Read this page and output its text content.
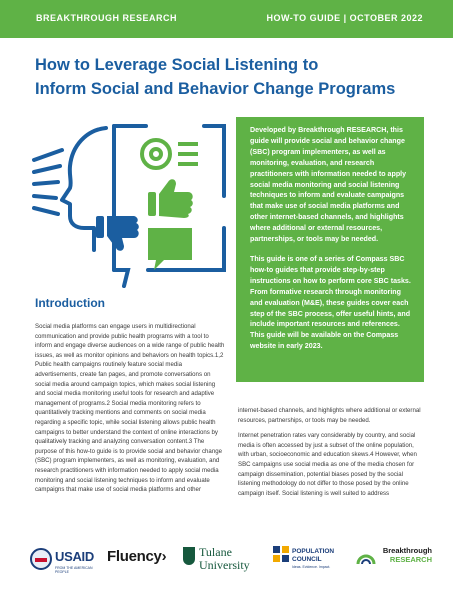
BREAKTHROUGH RESEARCH	HOW-TO GUIDE | OCTOBER 2022
How to Leverage Social Listening to
Inform Social and Behavior Change Programs

Developed by Breakthrough RESEARCH, this guide will provide social and behavior change (SBC) program implementers, as well as monitoring, evaluation, and research practitioners with information needed to apply social media monitoring and social listening techniques to inform and evaluate campaigns that make use of social media platforms and other internet-based channels, and highlights where additional or external resources, partnerships, or tools may be needed.

This guide is one of a series of Compass SBC how-to guides that provide step-by-step instructions on how to perform core SBC tasks. From formative research through monitoring and evaluation (M&E), these guides cover each step of the SBC process, offer useful hints, and include important resources and references. This guide will be available on the Compass website in early 2023.

Introduction
Social media platforms can engage users in multidirectional communication and provide public health programs with a tool to inform and engage diverse audiences on a wide range of public health issues, as well as monitor opinions and behaviors on health topics.1,2 Public health campaigns routinely feature social media advertisements, create fan pages, and promote conversations on social media around campaign topics, which makes social listening and social media monitoring useful tools for research and adaptive management of programs.2 Social media monitoring refers to quantitatively tracking mentions and comments on social media regarding a specific topic, while social listening allows public health campaigns to better understand the context of online interactions by qualitatively tracking and analyzing conversation content.3 The purpose of this how-to guide is to provide social and behavior change (SBC) program implementers, as well as monitoring, evaluation, and research practitioners with information needed to apply social media monitoring and social listening techniques to inform and evaluate campaigns that make use of social media platforms and other

internet-based channels, and highlights where additional or external resources, partnerships, or tools may be needed.

Internet penetration rates vary considerably by country, and social media is often accessed by just a subset of the online population, with urban, socioeconomic and education skews.4 However, when SBC campaigns use social media as one of the media chosen for campaign dissemination, potential biases posed by the social listening methodology do not differ to those posed by the online campaign itself. Social listening is well suited to address

USAID
FROM THE AMERICAN PEOPLE
Fluency›	Tulane
University
POPULATION
COUNCIL
Ideas. Evidence. Impact.
Breakthrough
RESEARCH
